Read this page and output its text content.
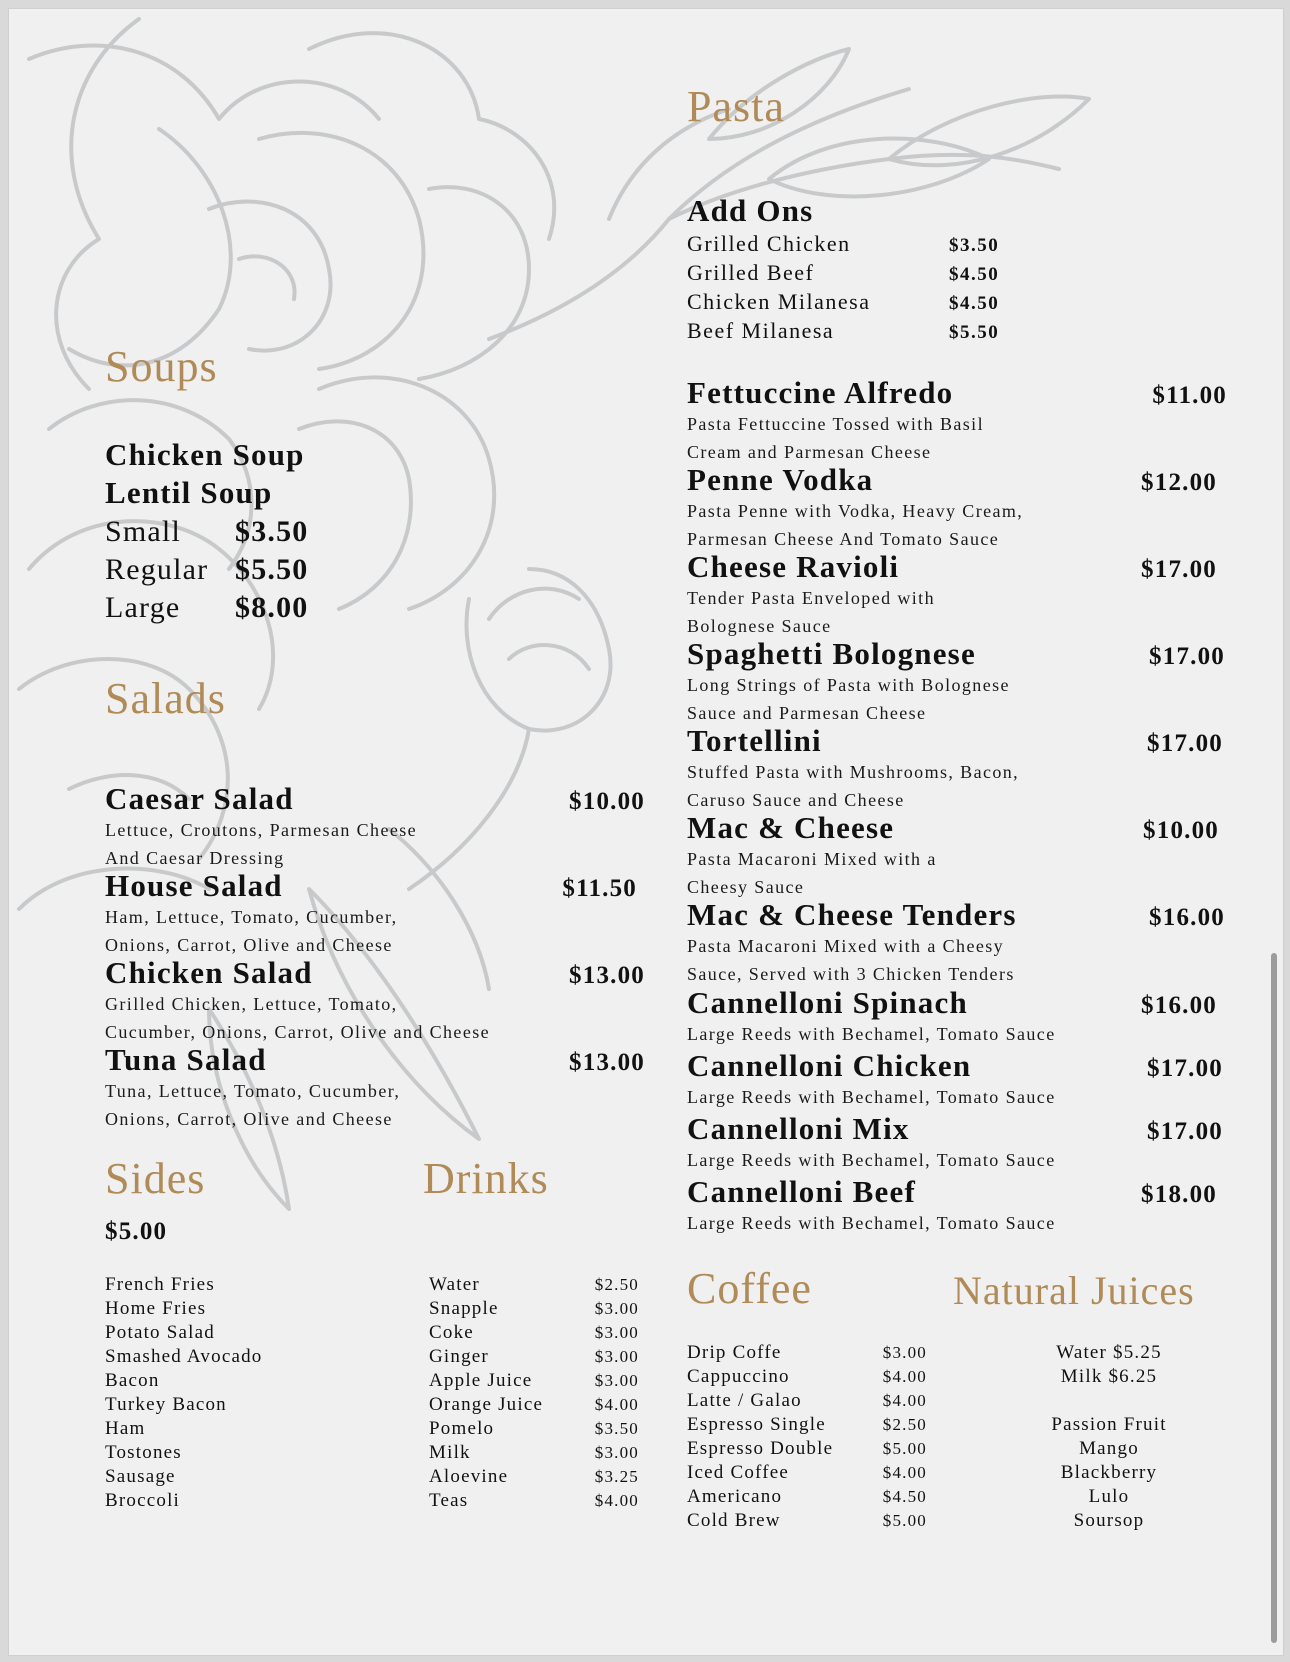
Soups
Chicken Soup
Lentil Soup
Small	$3.50
Regular $5.50
Large	$8.00
Salads
Caesar Salad	$10.00
Lettuce, Croutons, Parmesan Cheese
And Caesar Dressing
House Salad	$11.50
Ham, Lettuce, Tomato, Cucumber,
Onions, Carrot, Olive and Cheese
Chicken Salad	$13.00
Grilled Chicken, Lettuce, Tomato,
Cucumber, Onions, Carrot, Olive and Cheese
Tuna Salad	$13.00
Tuna, Lettuce, Tomato, Cucumber,
Onions, Carrot, Olive and Cheese
Sides
$5.00
French Fries
Home Fries
Potato Salad
Smashed Avocado
Bacon
Turkey Bacon
Ham
Tostones
Sausage
Broccoli
Drinks
Water	$2.50
Snapple	$3.00
Coke	$3.00
Ginger	$3.00
Apple Juice	$3.00
Orange Juice	$4.00
Pomelo	$3.50
Milk	$3.00
Aloevine	$3.25
Teas	$4.00
Pasta
Add Ons
Grilled Chicken	$3.50
Grilled Beef	$4.50
Chicken Milanesa	$4.50
Beef Milanesa	$5.50
Fettuccine Alfredo	$11.00
Pasta Fettuccine Tossed with Basil
Cream and Parmesan Cheese
Penne Vodka	$12.00
Pasta Penne with Vodka, Heavy Cream,
Parmesan Cheese And Tomato Sauce
Cheese Ravioli	$17.00
Tender Pasta Enveloped with
Bolognese Sauce
Spaghetti Bolognese	$17.00
Long Strings of Pasta with Bolognese
Sauce and Parmesan Cheese
Tortellini	$17.00
Stuffed Pasta with Mushrooms, Bacon,
Caruso Sauce and Cheese
Mac & Cheese	$10.00
Pasta Macaroni Mixed with a
Cheesy Sauce
Mac & Cheese Tenders	$16.00
Pasta Macaroni Mixed with a Cheesy
Sauce, Served with 3 Chicken Tenders
Cannelloni Spinach	$16.00
Large Reeds with Bechamel, Tomato Sauce
Cannelloni Chicken	$17.00
Large Reeds with Bechamel, Tomato Sauce
Cannelloni Mix	$17.00
Large Reeds with Bechamel, Tomato Sauce
Cannelloni Beef	$18.00
Large Reeds with Bechamel, Tomato Sauce
Coffee
Drip Coffe	$3.00
Cappuccino	$4.00
Latte / Galao	$4.00
Espresso Single	$2.50
Espresso Double	$5.00
Iced Coffee	$4.00
Americano	$4.50
Cold Brew	$5.00
Natural Juices
Water $5.25
Milk $6.25
Passion Fruit
Mango
Blackberry
Lulo
Soursop
